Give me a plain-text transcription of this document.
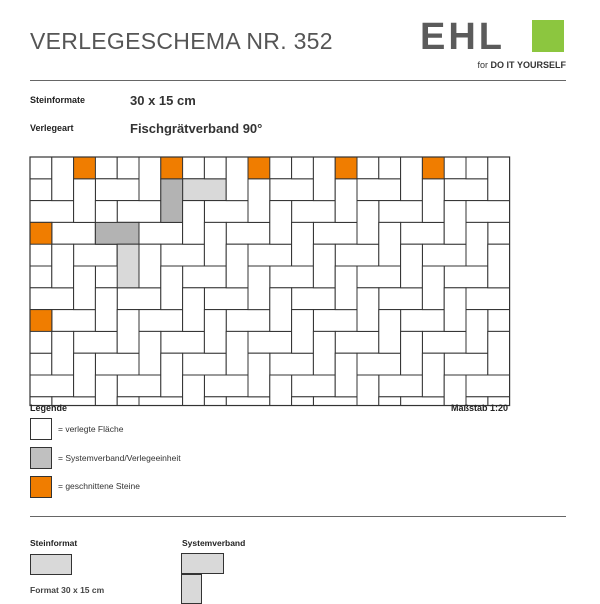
VERLEGESCHEMA NR. 352 EHL
for DO IT YOURSELF
Steinformate	30 x 15 cm
Verlegeart	Fischgrätverband 90°
Legende	Maßstab 1:20
= verlegte Fläche
= Systemverband/Verlegeeinheit
= geschnittene Steine
Steinformat	Systemverband
Format 30 x 15 cm
